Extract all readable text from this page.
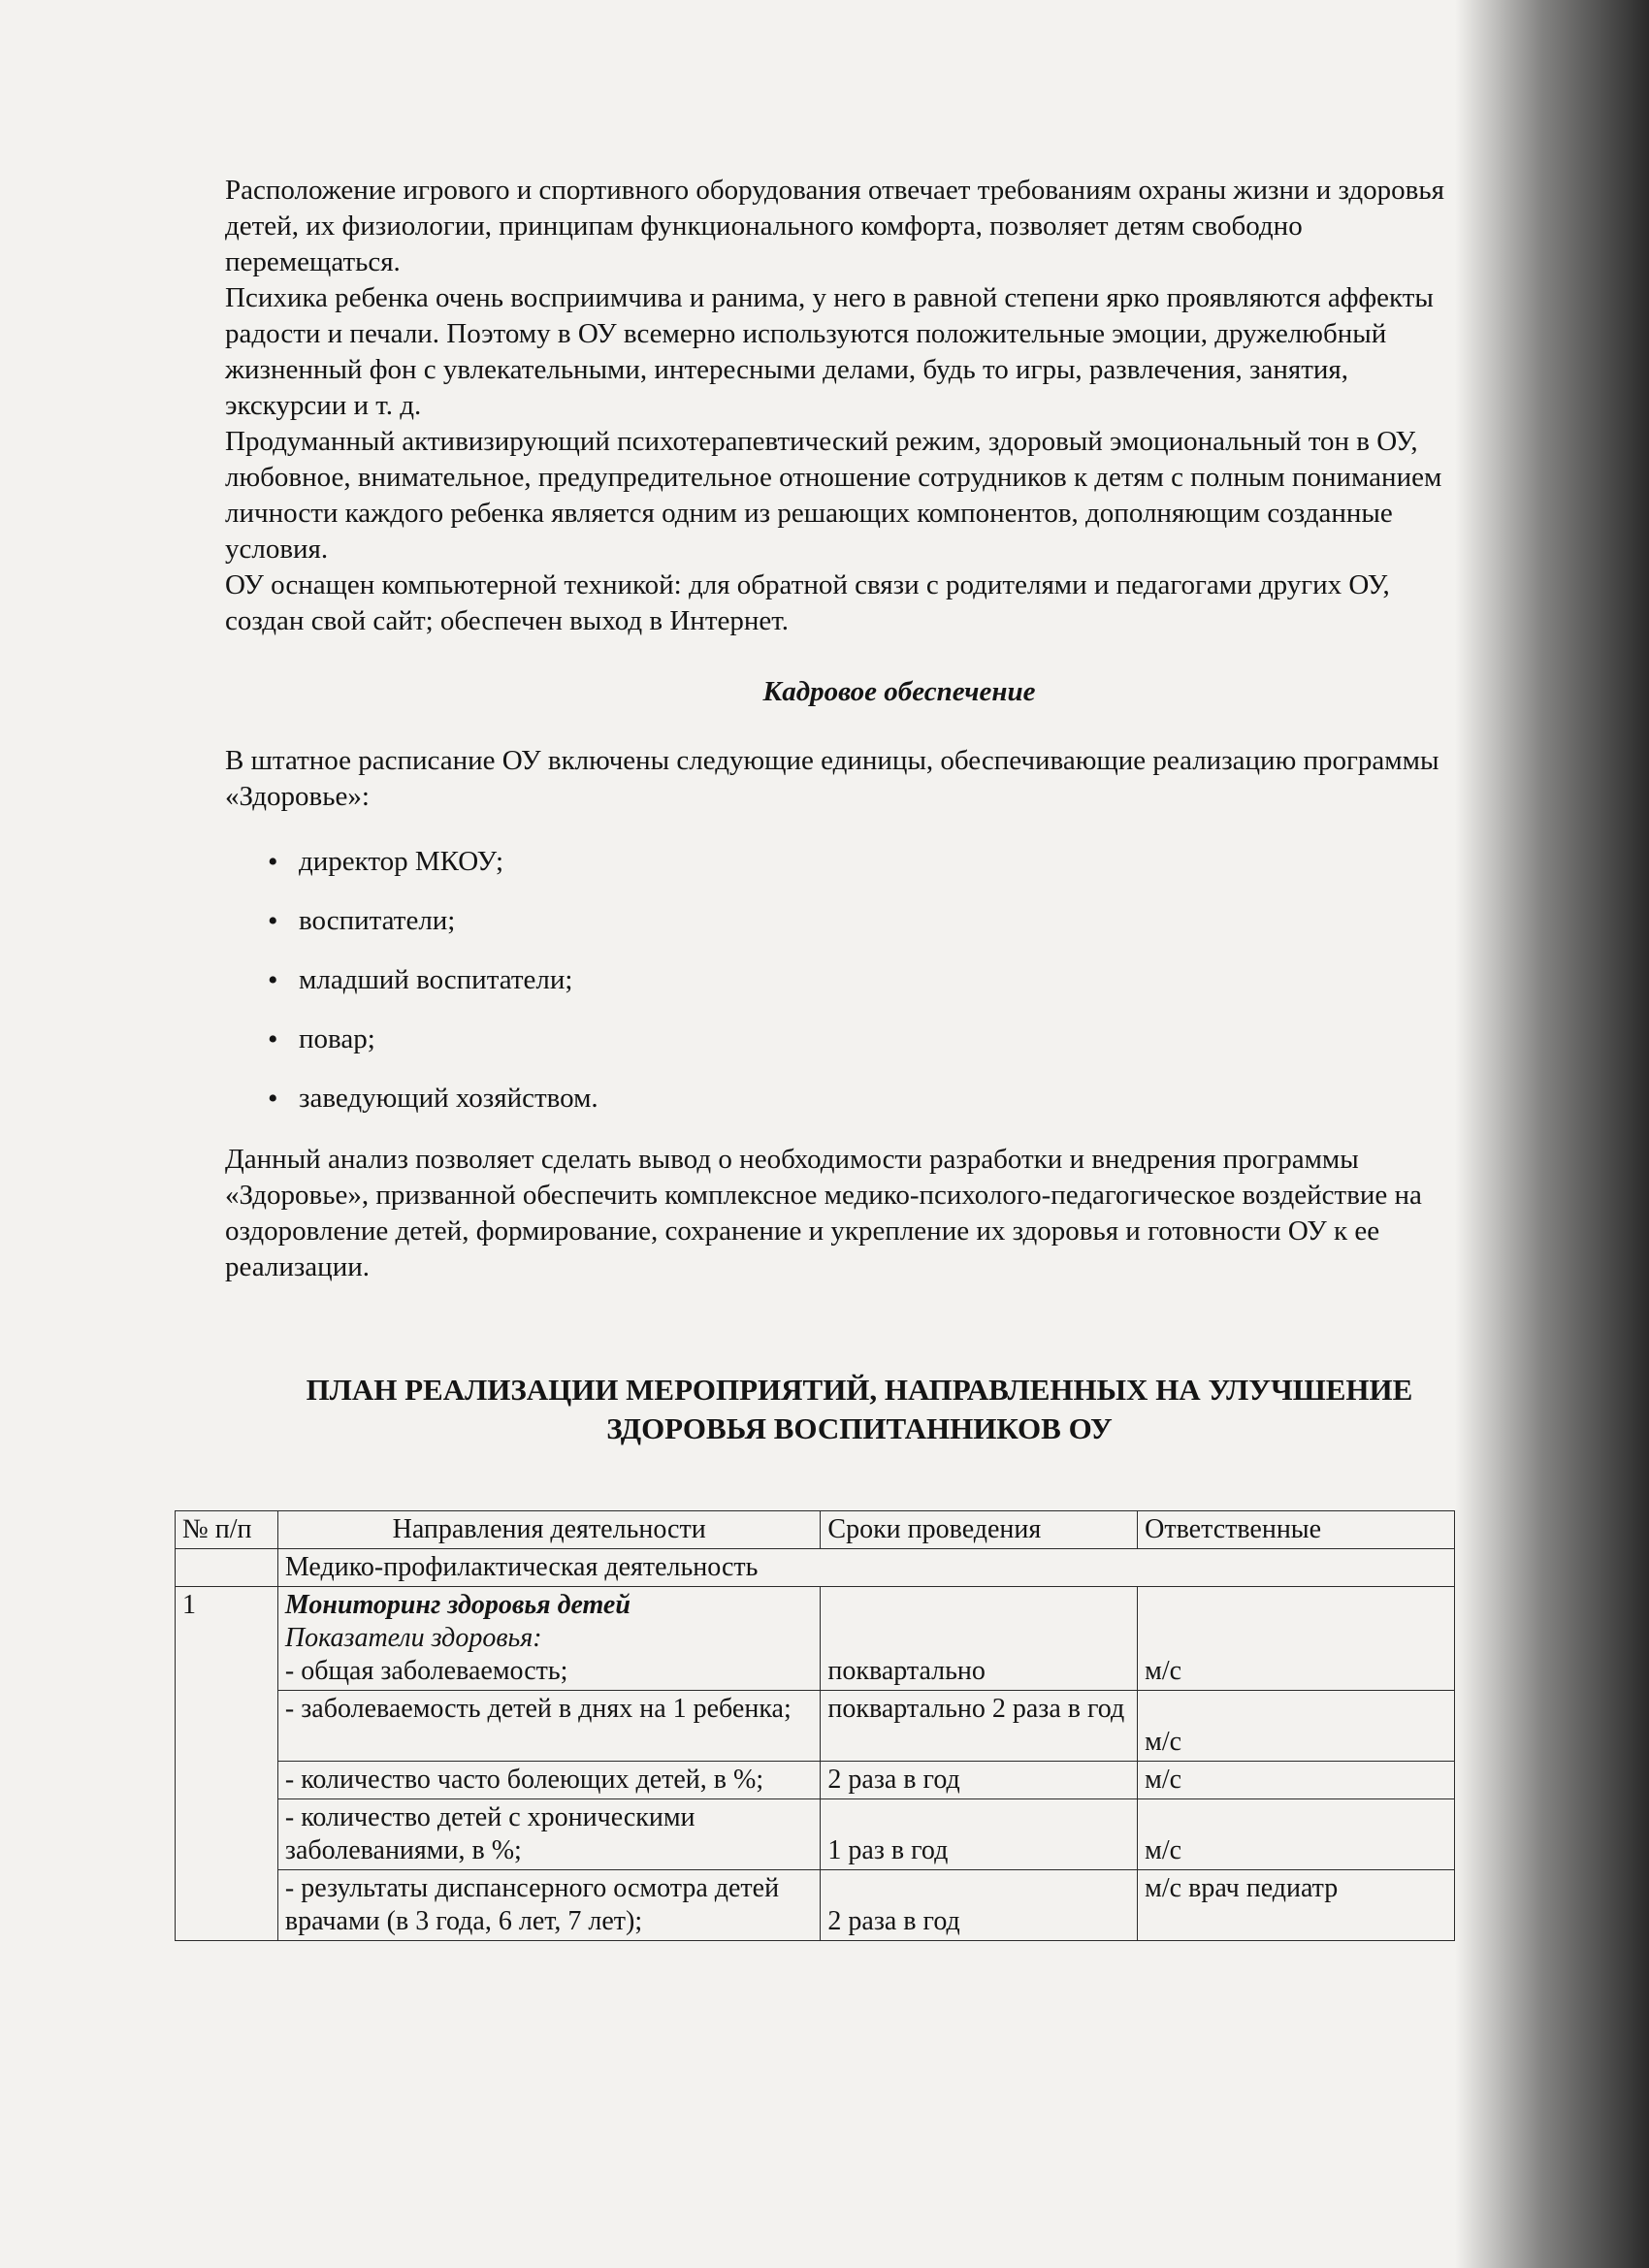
Расположение игрового и спортивного оборудования отвечает требованиям охраны жизни и здоровья детей, их физиологии, принципам функционального комфорта, позволяет детям свободно перемещаться.

Психика ребенка очень восприимчива и ранима, у него в равной степени ярко проявляются аффекты радости и печали. Поэтому в ОУ всемерно используются положительные эмоции, дружелюбный жизненный фон с увлекательными, интересными делами, будь то игры, развлечения, занятия, экскурсии и т. д.

Продуманный активизирующий психотерапевтический режим, здоровый эмоциональный тон в ОУ, любовное, внимательное, предупредительное отношение сотрудников к детям с полным пониманием личности каждого ребенка является одним из решающих компонентов, дополняющим созданные условия.

ОУ оснащен компьютерной техникой: для обратной связи с родителями и педагогами других ОУ, создан свой сайт; обеспечен выход в Интернет.

Кадровое обеспечение

В штатное расписание ОУ включены следующие единицы, обеспечивающие реализацию программы «Здоровье»:

• директор МКОУ;
• воспитатели;
• младший воспитатели;
• повар;
• заведующий хозяйством.

Данный анализ позволяет сделать вывод о необходимости разработки и внедрения программы «Здоровье», призванной обеспечить комплексное медико-психолого-педагогическое воздействие на оздоровление детей, формирование, сохранение и укрепление их здоровья и готовности ОУ к ее реализации.

ПЛАН РЕАЛИЗАЦИИ МЕРОПРИЯТИЙ, НАПРАВЛЕННЫХ НА УЛУЧШЕНИЕ
ЗДОРОВЬЯ ВОСПИТАННИКОВ ОУ
№ п/п	Направления деятельности	Сроки проведения	Ответственные
	Медико-профилактическая деятельность		
1	Мониторинг здоровья детей
Показатели здоровья:
- общая заболеваемость;	поквартально	м/с

	- заболеваемость детей в днях на 1 ребенка;	поквартально 2 раза в год	м/с

	- количество часто болеющих детей, в %;	2 раза в год	м/с
	- количество детей с хроническими заболеваниями, в %;	1 раз в год	м/с

	- результаты диспансерного осмотра детей врачами (в 3 года, 6 лет, 7 лет);	2 раза в год	м/с врач педиатр
